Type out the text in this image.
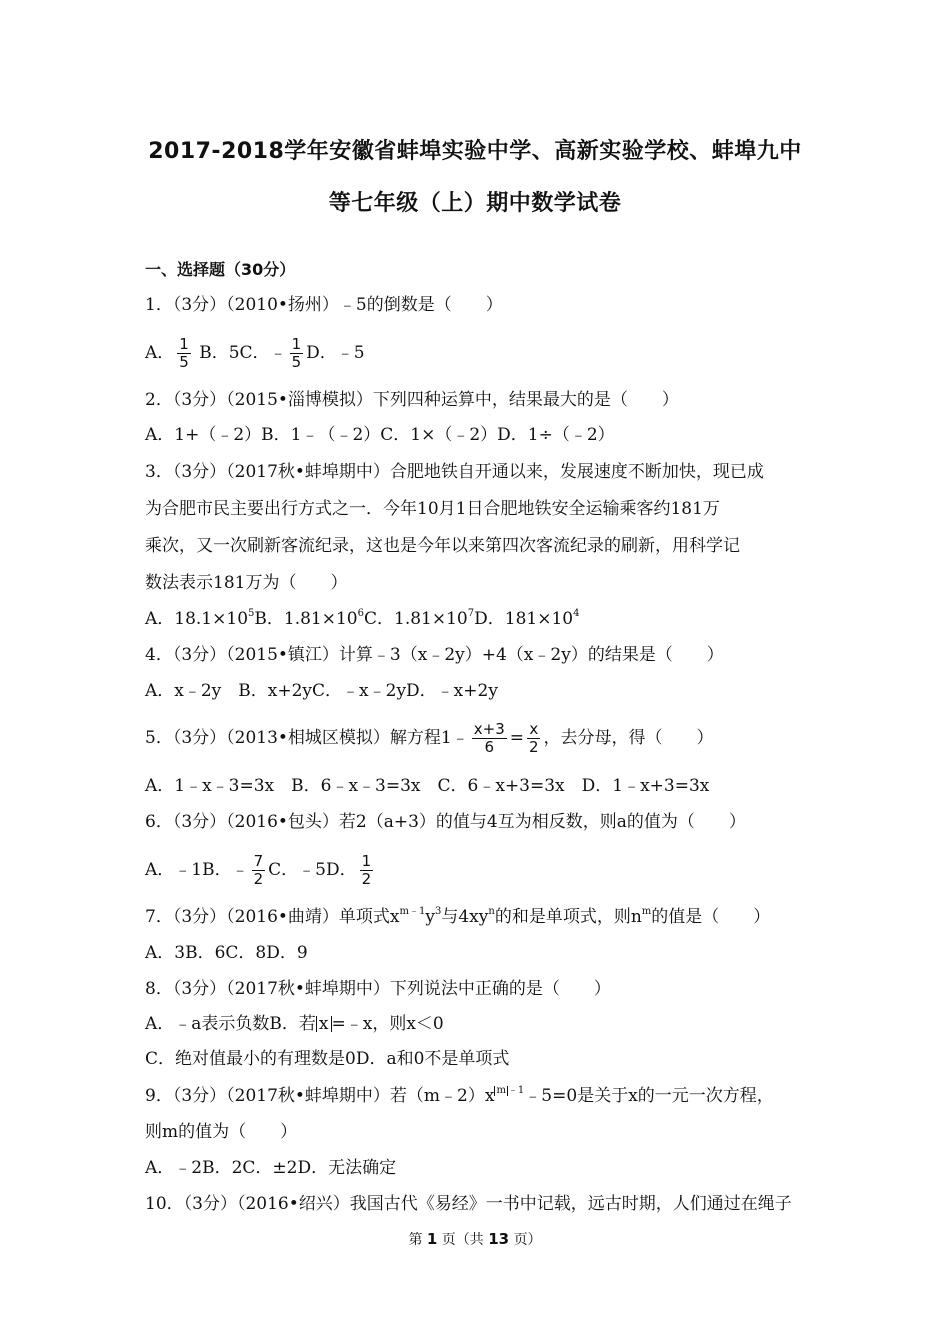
2017-2018学年安徽省蚌埠实验中学、高新实验学校、蚌埠九中
等七年级（上）期中数学试卷
一、选择题（30分）
1．（3分）（2010•扬州）﹣5的倒数是（　　）
A． $\frac{1}{5}$ B．5C．﹣ $\frac{1}{5}$ D．﹣5
2．（3分）（2015•淄博模拟）下列四种运算中，结果最大的是（　　）
A．1+（﹣2）B．1﹣（﹣2）C．1×（﹣2）D．1÷（﹣2）
3．（3分）（2017秋•蚌埠期中）合肥地铁自开通以来，发展速度不断加快，现已成
为合肥市民主要出行方式之一．今年10月1日合肥地铁安全运输乘客约181万
乘次，又一次刷新客流纪录，这也是今年以来第四次客流纪录的刷新，用科学记
数法表示181万为（　　）
A．$18.1\times 10^5B$．$1.81\times 10^6C$．$1.81\times 10^7D$．$181\times 10^4$
4．（3分）（2015•镇江）计算﹣3（x﹣2y）+4（x﹣2y）的结果是（　　）
A．x﹣2y　B．x+2yC．﹣x﹣2yD．﹣x+2y
5．（3分）（2013•相城区模拟）解方程1﹣ $\frac{x+3}{6} = \frac{x}{2}$ ，去分母，得（　　）
A．1﹣x﹣3=3x　B．6﹣x﹣3=3x　C．6﹣x+3=3x　D．1﹣x+3=3x
6．（3分）（2016•包头）若2（a+3）的值与4互为相反数，则a的值为（　　）
A．﹣1B．﹣ $\frac{7}{2}$ C．﹣5D． $\frac{1}{2}$
7．（3分）（2016•曲靖）单项式$x^{m﹣1}y^3$与$4xy^n$的和是单项式，则$n^m$的值是（　　）
A．3B．6C．8D．9
8．（3分）（2017秋•蚌埠期中）下列说法中正确的是（　　）
A．﹣a表示负数B．若 x =﹣x，则x＜0
C．绝对值最小的有理数是0D．a和0不是单项式
9．（3分）（2017秋•蚌埠期中）若（m﹣2）x $^{m ﹣1}$﹣5=0是关于x的一元一次方程，
则m的值为（　　）
A．﹣2B．2C．±2D．无法确定
10．（3分）（2016•绍兴）我国古代《易经》一书中记载，远古时期，人们通过在绳子
第 1 页（共 13 页）
